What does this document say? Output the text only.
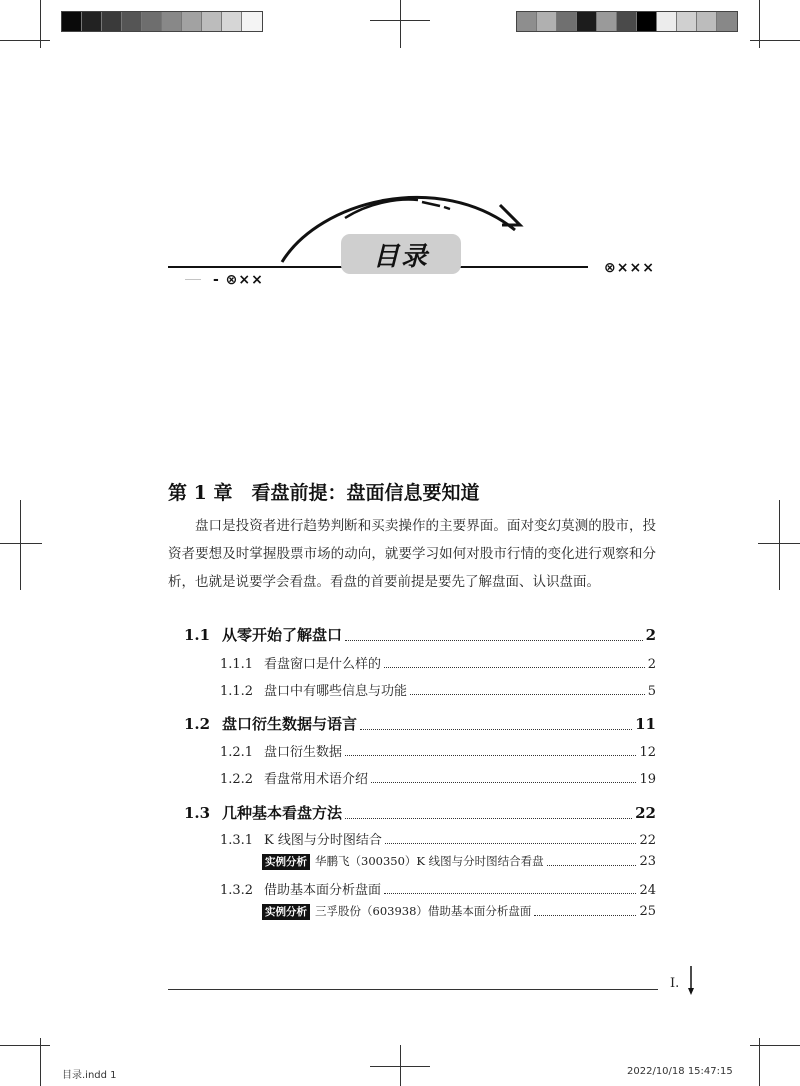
目录
- ⊗××
⊗×××
第 1 章　看盘前提：盘面信息要知道

盘口是投资者进行趋势判断和买卖操作的主要界面。面对变幻莫测的股市，投资者要想及时掌握股票市场的动向，就要学习如何对股市行情的变化进行观察和分析，也就是说要学会看盘。看盘的首要前提是要先了解盘面、认识盘面。

1.1 从零开始了解盘口	2
1.1.1 看盘窗口是什么样的	2
1.1.2 盘口中有哪些信息与功能	5
1.2 盘口衍生数据与语言	11
1.2.1 盘口衍生数据	12
1.2.2 看盘常用术语介绍	19
1.3 几种基本看盘方法	22
1.3.1 K 线图与分时图结合	22
实例分析 华鹏飞（300350）K 线图与分时图结合看盘	23
1.3.2 借助基本面分析盘面	24
实例分析 三孚股份（603938）借助基本面分析盘面	25
I.
目录.indd 1	2022/10/18 15:47:15
